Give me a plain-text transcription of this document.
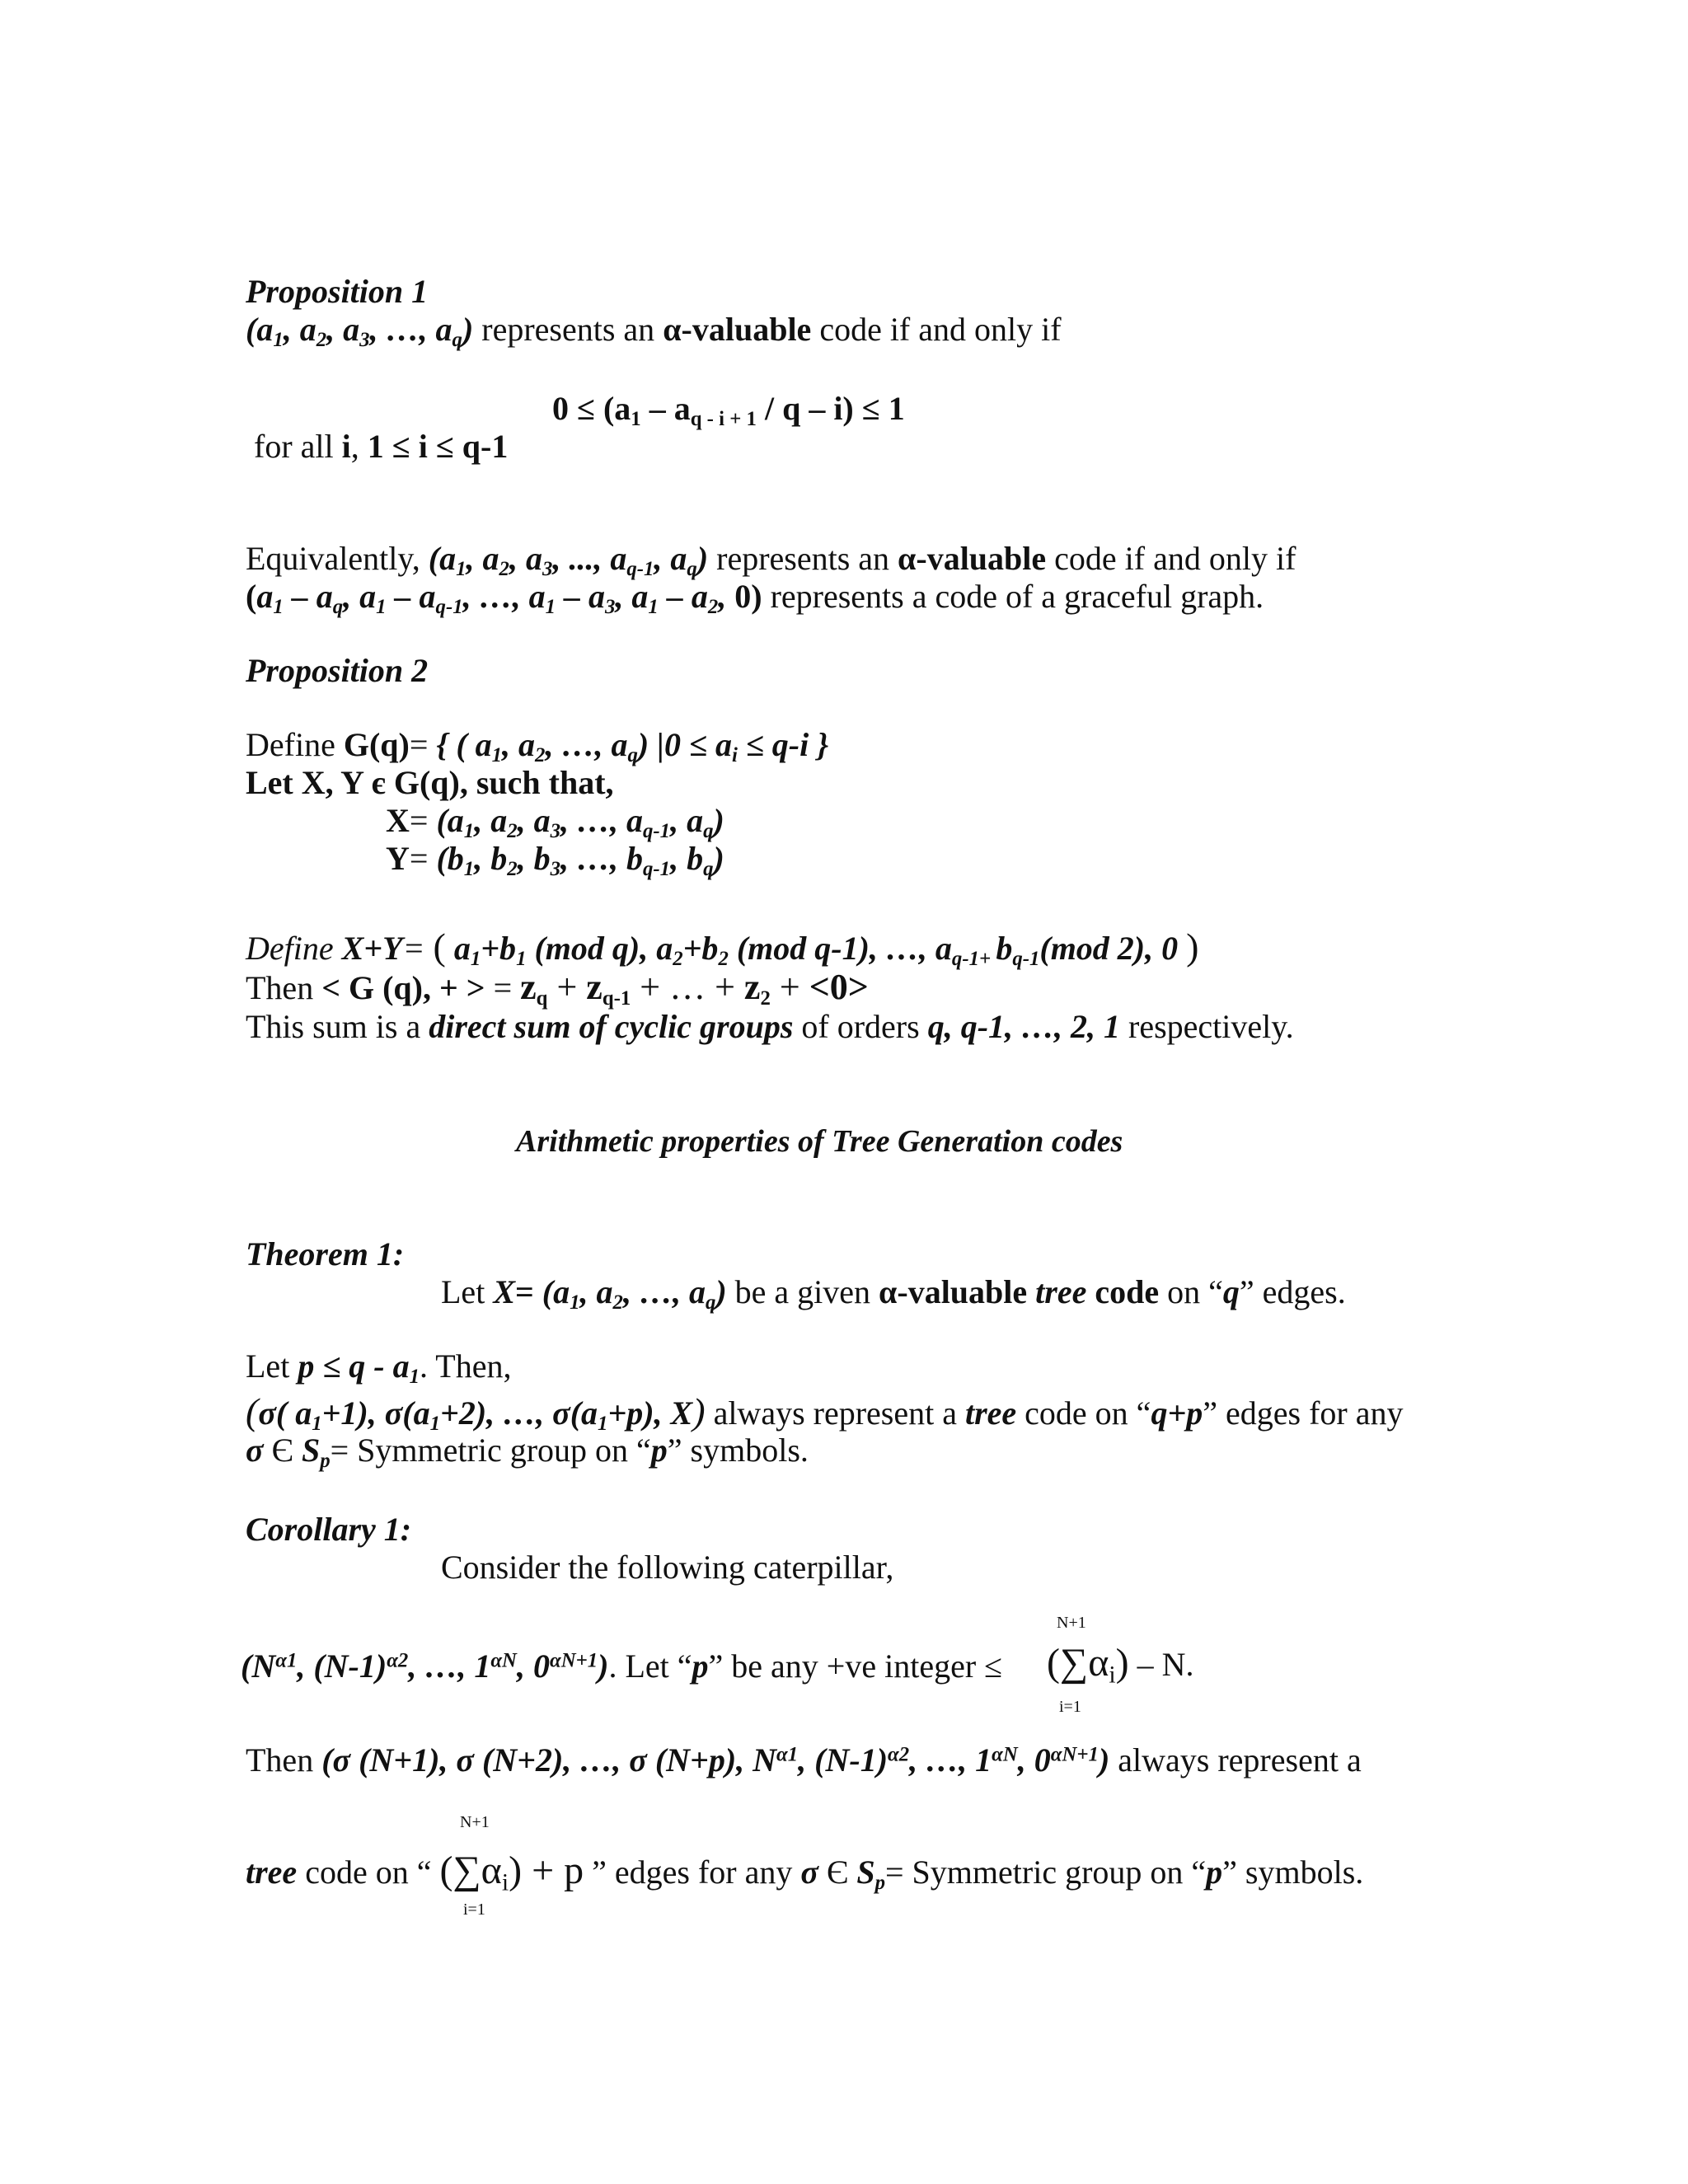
Proposition 1
($a_1$, $a_2$, $a_3$, …, $a_q$) represents an α-valuable code if and only if
$0 \le (a_1 - a_{q - i + 1} / q - i) \le 1$
for all i, 1 ≤ i ≤ q-1
Equivalently, ($a_1$, $a_2$, $a_3$, ..., $a_{q-1}$, $a_q$) represents an α-valuable code if and only if
($a_1 - a_q$, $a_1 - a_{q-1}$, …, $a_1 - a_3$, $a_1 - a_2$, 0) represents a code of a graceful graph.
Proposition 2
Define G(q)= { ( $a_1$, $a_2$, …, $a_q$) $|0 \le a_i \le q-i$ }
Let X, Y є G(q), such that,
$X= (a_1$, $a_2$, $a_3$, …, $a_{q-1}$, $a_q$)
$Y= (b_1$, $b_2$, $b_3$, …, $b_{q-1}$, $b_q$)
Define X+Y= ( $a_1+b_1$ (mod q), $a_2+b_2$ (mod q-1), …, $a_{q-1+}$ $b_{q-1}(mod$ 2), 0 )
Then < G (q), + > = $z_q + z_{q-1}$ + … + $z_2 + <0>$
This sum is a direct sum of cyclic groups of orders q, q-1, …, 2, 1 respectively.
Arithmetic properties of Tree Generation codes
Theorem 1:
Let $X= (a_1$, $a_2$, …, $a_q$) be a given α-valuable tree code on “q” edges.
Let $p \le q - a_1$. Then,
(σ( $a_1+1$), $\sigma(a_1+2)$, …, $\sigma(a_1+p)$, X) always represent a tree code on “q+p” edges for any
σ Є $S_p=$ Symmetric group on “p” symbols.
Corollary 1:
Consider the following caterpillar,
($N^{\alpha 1}$, $(N-1)^{\alpha 2}$, …, $1^{\alpha N}$, $0^{\alpha N+1}$). Let “p” be any +ve integer ≤
N+1
$(\sum\alpha_i)$ – N.
i=1
Then (σ (N+1), σ (N+2), …, σ (N+p), $N^{\alpha 1}$, $(N-1)^{\alpha 2}$, …, $1^{\alpha N}$, $0^{\alpha N+1}$) always represent a
N+1
tree code on “ $(\sum\alpha_i) + p$ ” edges for any σ Є $S_p=$ Symmetric group on “p” symbols.
i=1
